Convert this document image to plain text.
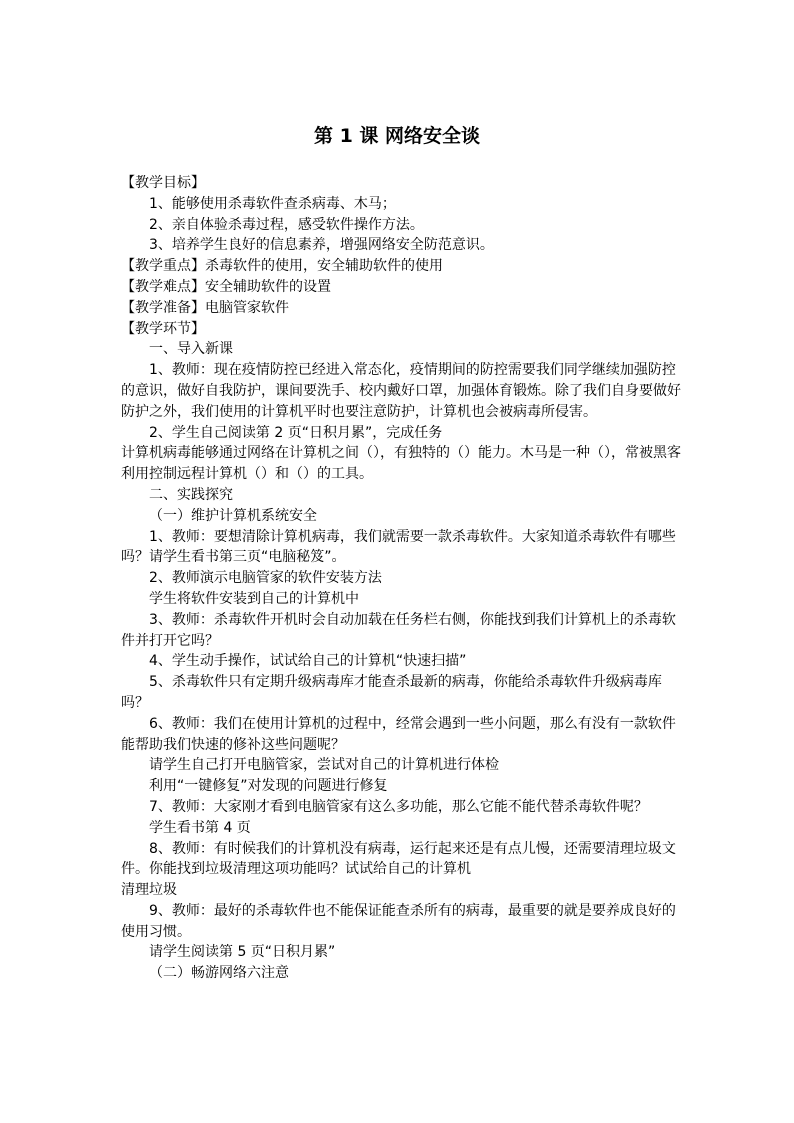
第 1 课 网络安全谈

【教学目标】

1、能够使用杀毒软件查杀病毒、木马；

2、亲自体验杀毒过程，感受软件操作方法。

3、培养学生良好的信息素养，增强网络安全防范意识。

【教学重点】杀毒软件的使用，安全辅助软件的使用

【教学难点】安全辅助软件的设置

【教学准备】电脑管家软件

【教学环节】

一、导入新课

1、教师：现在疫情防控已经进入常态化，疫情期间的防控需要我们同学继续加强防控的意识，做好自我防护，课间要洗手、校内戴好口罩，加强体育锻炼。除了我们自身要做好防护之外，我们使用的计算机平时也要注意防护，计算机也会被病毒所侵害。

2、学生自己阅读第 2 页“日积月累”，完成任务

计算机病毒能够通过网络在计算机之间（），有独特的（）能力。木马是一种（），常被黑客利用控制远程计算机（）和（）的工具。

二、实践探究

（一）维护计算机系统安全

1、教师：要想清除计算机病毒，我们就需要一款杀毒软件。大家知道杀毒软件有哪些吗？请学生看书第三页“电脑秘笈”。

2、教师演示电脑管家的软件安装方法

学生将软件安装到自己的计算机中

3、教师：杀毒软件开机时会自动加载在任务栏右侧，你能找到我们计算机上的杀毒软件并打开它吗？

4、学生动手操作，试试给自己的计算机“快速扫描”

5、杀毒软件只有定期升级病毒库才能查杀最新的病毒，你能给杀毒软件升级病毒库吗？

6、教师：我们在使用计算机的过程中，经常会遇到一些小问题，那么有没有一款软件能帮助我们快速的修补这些问题呢？

请学生自己打开电脑管家，尝试对自己的计算机进行体检

利用“一键修复”对发现的问题进行修复

7、教师：大家刚才看到电脑管家有这么多功能，那么它能不能代替杀毒软件呢？

学生看书第 4 页

8、教师：有时候我们的计算机没有病毒，运行起来还是有点儿慢，还需要清理垃圾文件。你能找到垃圾清理这项功能吗？试试给自己的计算机

清理垃圾

9、教师：最好的杀毒软件也不能保证能查杀所有的病毒，最重要的就是要养成良好的使用习惯。

请学生阅读第 5 页“日积月累”

（二）畅游网络六注意
